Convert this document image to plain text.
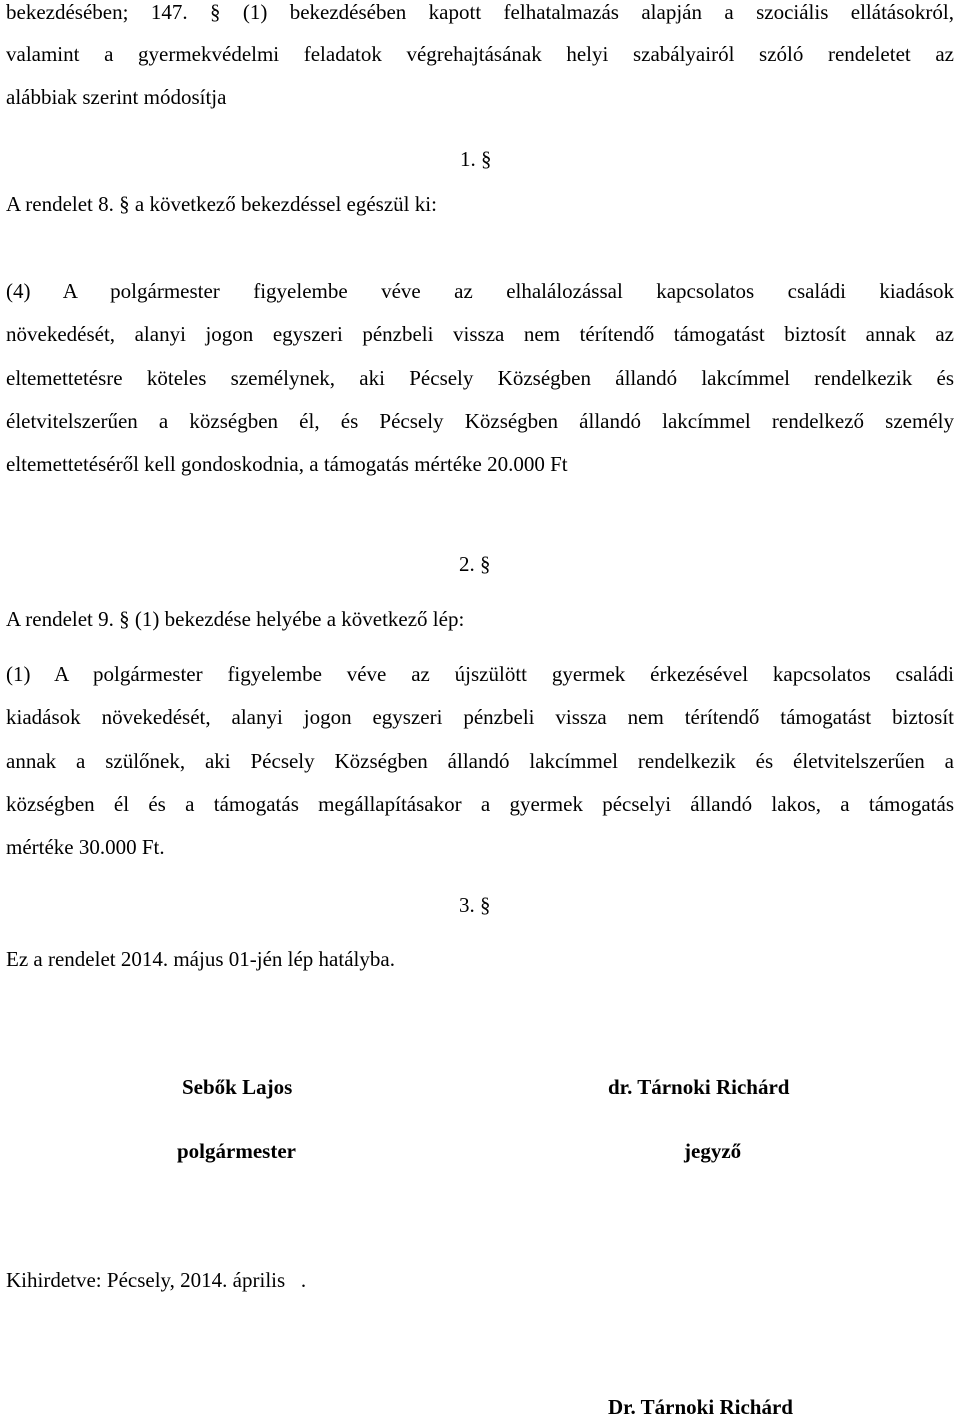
bekezdésében; 147. § (1) bekezdésében kapott felhatalmazás alapján a szociális ellátásokról,
valamint a gyermekvédelmi feladatok végrehajtásának helyi szabályairól szóló rendeletet az
alábbiak szerint módosítja
1. §
A rendelet 8. § a következő bekezdéssel egészül ki:
(4) A polgármester figyelembe véve az elhalálozással kapcsolatos családi kiadások
növekedését, alanyi jogon egyszeri pénzbeli vissza nem térítendő támogatást biztosít annak az
eltemettetésre köteles személynek, aki Pécsely Községben állandó lakcímmel rendelkezik és
életvitelszerűen a községben él, és Pécsely Községben állandó lakcímmel rendelkező személy
eltemettetéséről kell gondoskodnia, a támogatás mértéke 20.000 Ft
2. §
A rendelet 9. § (1) bekezdése helyébe a következő lép:
(1) A polgármester figyelembe véve az újszülött gyermek érkezésével kapcsolatos családi
kiadások növekedését, alanyi jogon egyszeri pénzbeli vissza nem térítendő támogatást biztosít
annak a szülőnek, aki Pécsely Községben állandó lakcímmel rendelkezik és életvitelszerűen a
községben él és a támogatás megállapításakor a gyermek pécselyi állandó lakos, a támogatás
mértéke 30.000 Ft.
3. §
Ez a rendelet 2014. május 01-jén lép hatályba.
Sebők Lajos	dr. Tárnoki Richárd
polgármester	jegyző
Kihirdetve: Pécsely, 2014. április   .
Dr. Tárnoki Richárd
